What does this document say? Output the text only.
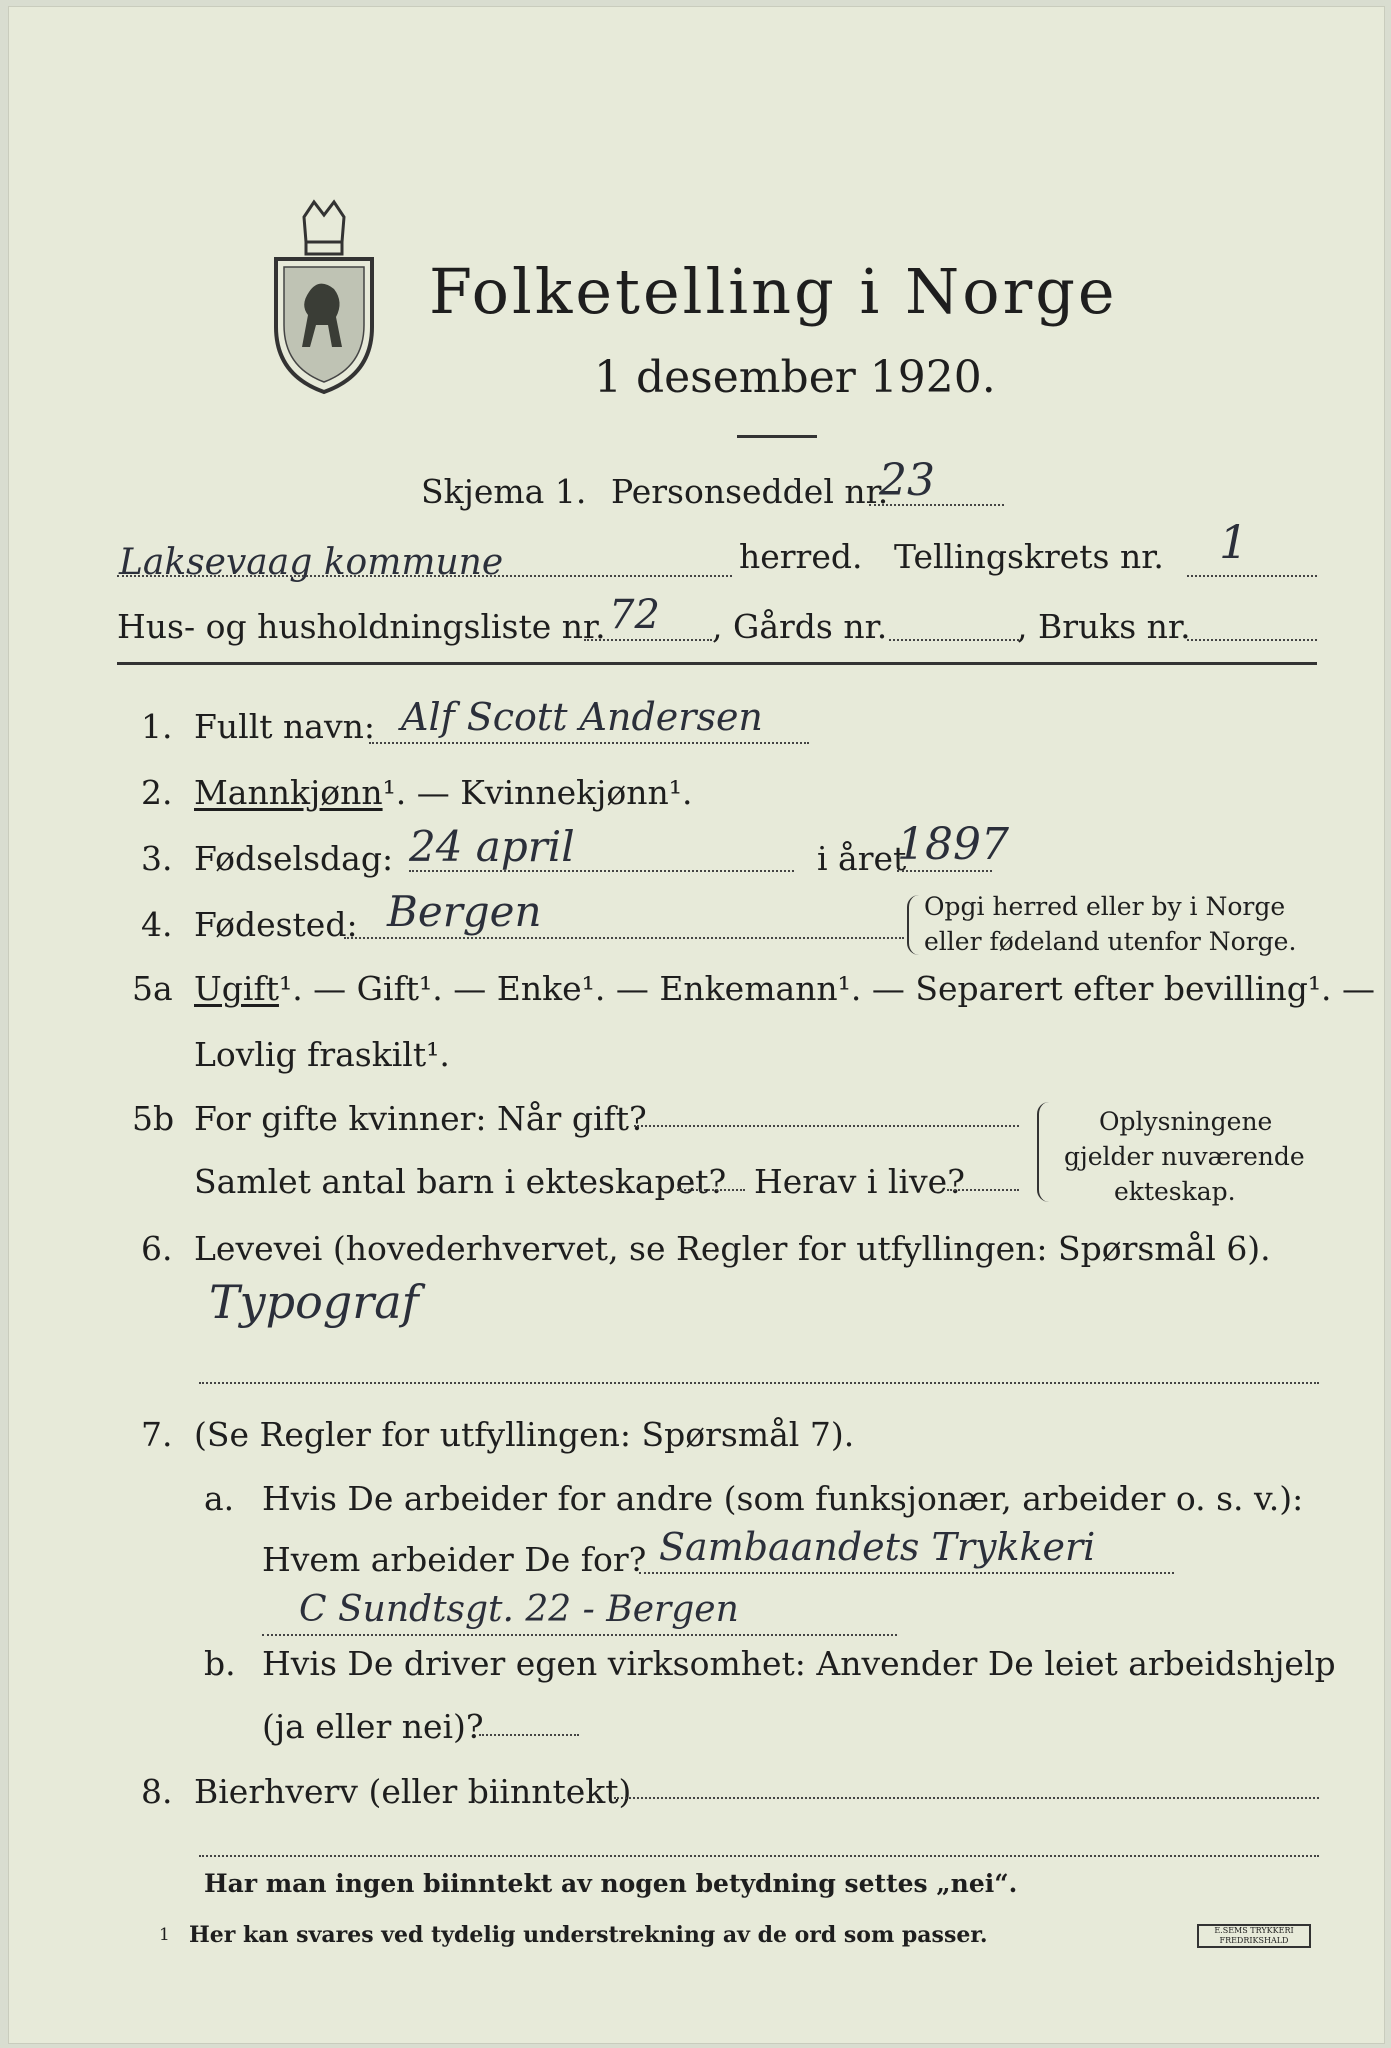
Folketelling i Norge
1 desember 1920.
Skjema 1. Personseddel nr.
23
Laksevaag kommune	herred. Tellingskrets nr. 1
Hus- og husholdningsliste nr. 72 , Gårds nr.	, Bruks nr.
1. Fullt navn: Alf Scott Andersen
2. Mannkjønn¹. — Kvinnekjønn¹.
3. Fødselsdag: 24 april	i året
1897
4. Fødested: Bergen	Opgi herred eller by i Norge
eller fødeland utenfor Norge.
5a Ugift¹. — Gift¹. — Enke¹. — Enkemann¹. — Separert efter bevilling¹. —
Lovlig fraskilt¹.
5b For gifte kvinner: Når gift?
Samlet antal barn i ekteskapet? Herav i live?
Oplysningene
gjelder nuværende
ekteskap.
6. Levevei (hovederhvervet, se Regler for utfyllingen: Spørsmål 6).
Typograf
7. (Se Regler for utfyllingen: Spørsmål 7).
a. Hvis De arbeider for andre (som funksjonær, arbeider o. s. v.):
Hvem arbeider De for? Sambaandets Trykkeri
C Sundtsgt. 22 - Bergen
b. Hvis De driver egen virksomhet: Anvender De leiet arbeidshjelp
(ja eller nei)?
8. Bierhverv (eller biinntekt)
Har man ingen biinntekt av nogen betydning settes „nei“.
1 Her kan svares ved tydelig understrekning av de ord som passer.	E.SEMS TRYKKERI FREDRIKSHALD
